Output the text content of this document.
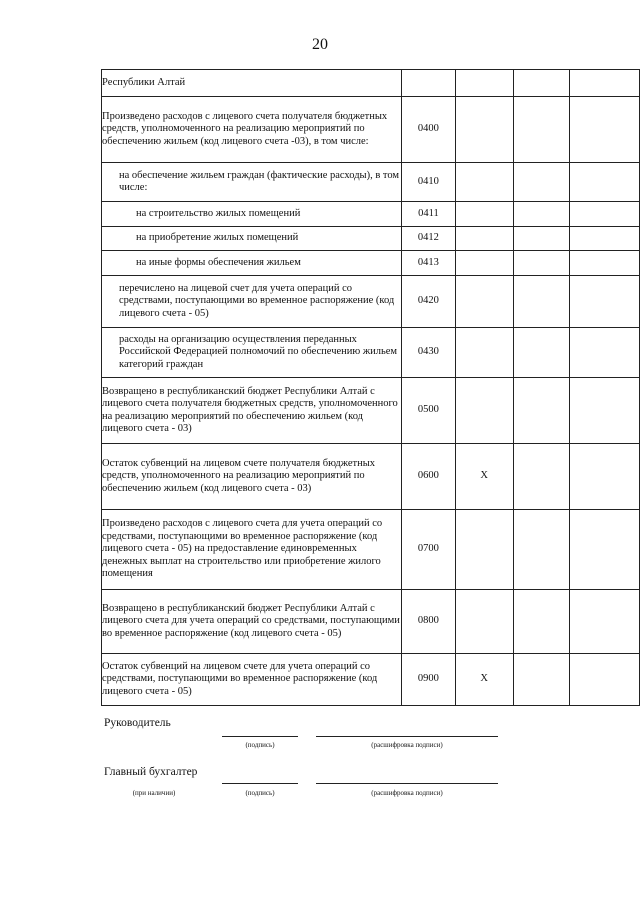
20
Республики Алтай				
Произведено расходов с лицевого счета получателя бюджетных средств, уполномоченного на реализацию мероприятий по обеспечению жильем (код лицевого счета -03), в том числе:	0400			
на обеспечение жильем граждан (фактические расходы), в том числе:	0410			
на строительство жилых помещений	0411			
на приобретение жилых помещений	0412			
на иные формы обеспечения жильем	0413			
перечислено на лицевой счет для учета операций со средствами, поступающими во временное распоряжение (код лицевого счета - 05)	0420			
расходы на организацию осуществления переданных Российской Федерацией полномочий по обеспечению жильем категорий граждан	0430			
Возвращено в республиканский бюджет Республики Алтай с лицевого счета получателя бюджетных средств, уполномоченного на реализацию мероприятий по обеспечению жильем (код лицевого счета - 03)	0500			
Остаток субвенций на лицевом счете получателя бюджетных средств, уполномоченного на реализацию мероприятий по обеспечению жильем (код лицевого счета - 03)	0600	X		
Произведено расходов с лицевого счета для учета операций со средствами, поступающими во временное распоряжение (код лицевого счета - 05) на предоставление единовременных денежных выплат на строительство или приобретение жилого помещения	0700			
Возвращено в республиканский бюджет Республики Алтай с лицевого счета для учета операций со средствами, поступающими во временное распоряжение (код лицевого счета - 05)	0800			
Остаток субвенций на лицевом счете для учета операций со средствами, поступающими во временное распоряжение (код лицевого счета - 05)	0900	X		
Руководитель
(подпись)	(расшифровка подписи)
Главный бухгалтер
(при наличии)	(подпись)	(расшифровка подписи)
